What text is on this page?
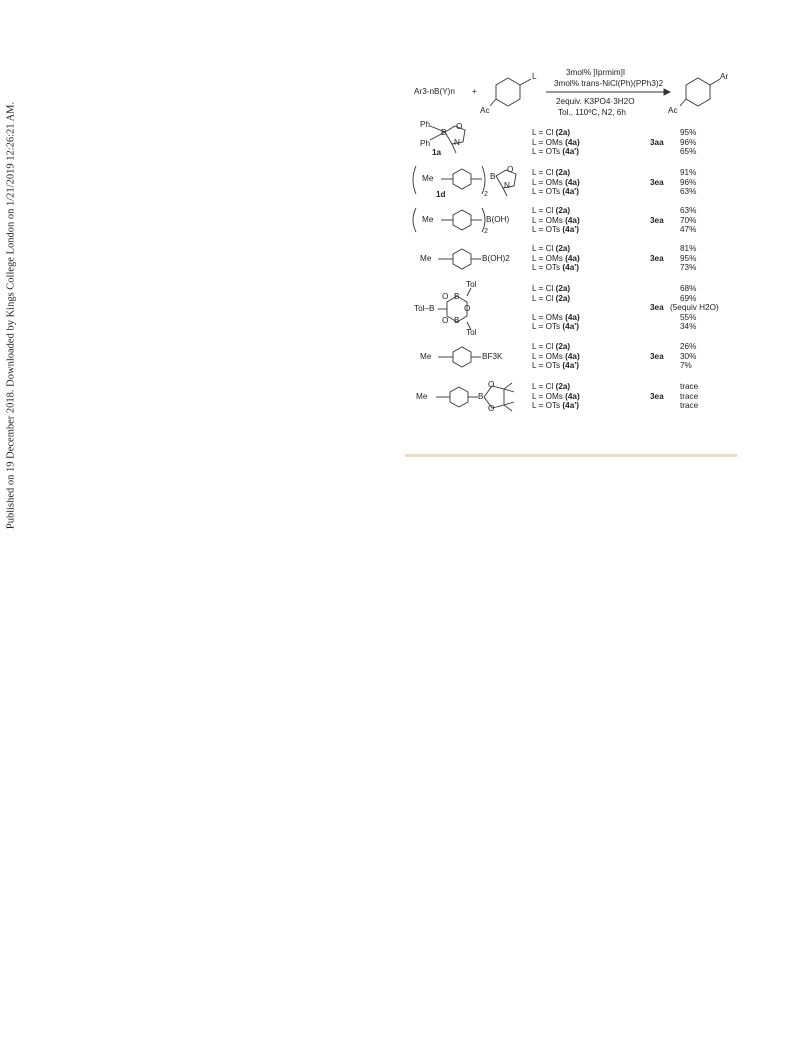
Published on 19 December 2018. Downloaded by Kings College London on 1/21/2019 12:26:21 AM.
Ar3-nB(Y)n +
L
Ac
3mol% [Iprmim]I
3mol% trans-NiCl(Ph)(PPh3)2
2equiv. K3PO4·3H2O
Tol., 110ºC, N2, 6h
Ar
Ac
Ph
Ph
B
N
O
1a
Me	B
N
O
2
1d
Me	B(OH)
2
Me	B(OH)2
Tol
Tol–B
O B
O
B
O
Tol
Me	BF3K
Me	B
O
O
L = Cl (2a)	95%
L = OMs (4a)	96%
L = OTs (4a')	65%
3aa
L = Cl (2a)	91%
L = OMs (4a)	96%
L = OTs (4a')	63%
3ea
L = Cl (2a)	63%
L = OMs (4a)	70%
L = OTs (4a')	47%
3ea
L = Cl (2a)	81%
L = OMs (4a)	95%
L = OTs (4a')	73%
3ea
L = Cl (2a)	68%
L = Cl (2a)	69%
(5equiv H2O)
L = OMs (4a)	55%
L = OTs (4a')	34%
3ea
L = Cl (2a)	26%
L = OMs (4a)	30%
L = OTs (4a')	7%
3ea
L = Cl (2a)	trace
L = OMs (4a)	trace
L = OTs (4a')	trace
3ea
